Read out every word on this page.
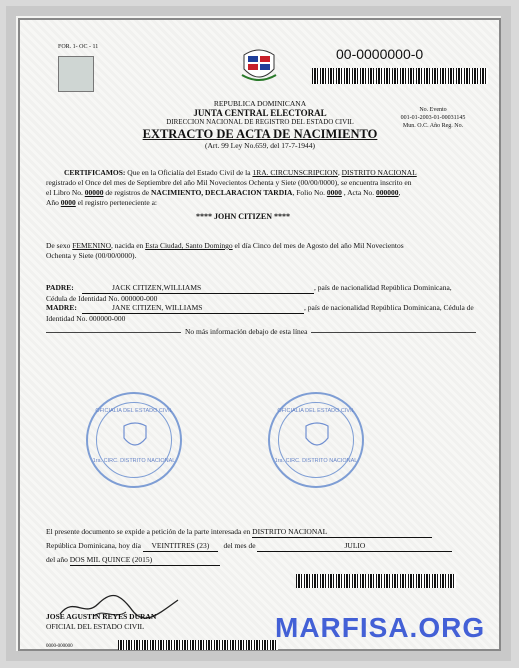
FOR. 1- OC - 11	00-0000000-0
REPUBLICA DOMINICANA
JUNTA CENTRAL ELECTORAL
DIRECCION NACIONAL DE REGISTRO DEL ESTADO CIVIL
EXTRACTO DE ACTA DE NACIMIENTO
(Art. 99 Ley No.659, del 17-7-1944)
No. Evento
001-01-2003-01-00031145
Mun. O.C. Año Reg. No.
CERTIFICAMOS: Que en la Oficialía del Estado Civil de la 1RA. CIRCUNSCRIPCION, DISTRITO NACIONAL
registrado el Once del mes de Septiembre del año Mil Novecientos Ochenta y Siete (00/00/0000), se encuentra inscrito en
el Libro No. 00000 de registros de NACIMIENTO, DECLARACION TARDIA, Folio No. 0000 , Acta No. 000000,
Año 0000 el registro perteneciente a:
**** JOHN CITIZEN ****
De sexo FEMENINO, nacida en Esta Ciudad, Santo Domingo el día Cinco del mes de Agosto del año Mil Novecientos
Ochenta y Siete (00/00/0000).
PADRE:	JACK CITIZEN,WILLIAMS	, país de nacionalidad República Dominicana,
Cédula de Identidad No. 000000-000
MADRE:	JANE CITIZEN, WILLIAMS	, país de nacionalidad República Dominicana, Cédula de
Identidad No. 000000-000
No más información debajo de esta línea
OFICIALIA DEL ESTADO CIVIL
1ra. CIRC. DISTRITO NACIONAL
OFICIALIA DEL ESTADO CIVIL
1ra. CIRC. DISTRITO NACIONAL
El presente documento se expide a petición de la parte interesada en DISTRITO NACIONAL
República Dominicana, hoy día VEINTITRES (23) del mes de	JULIO
del año DOS MIL QUINCE (2015)
JOSE AGUSTIN REYES DURAN
OFICIAL DEL ESTADO CIVIL
0000-000000
MARFISA.ORG
